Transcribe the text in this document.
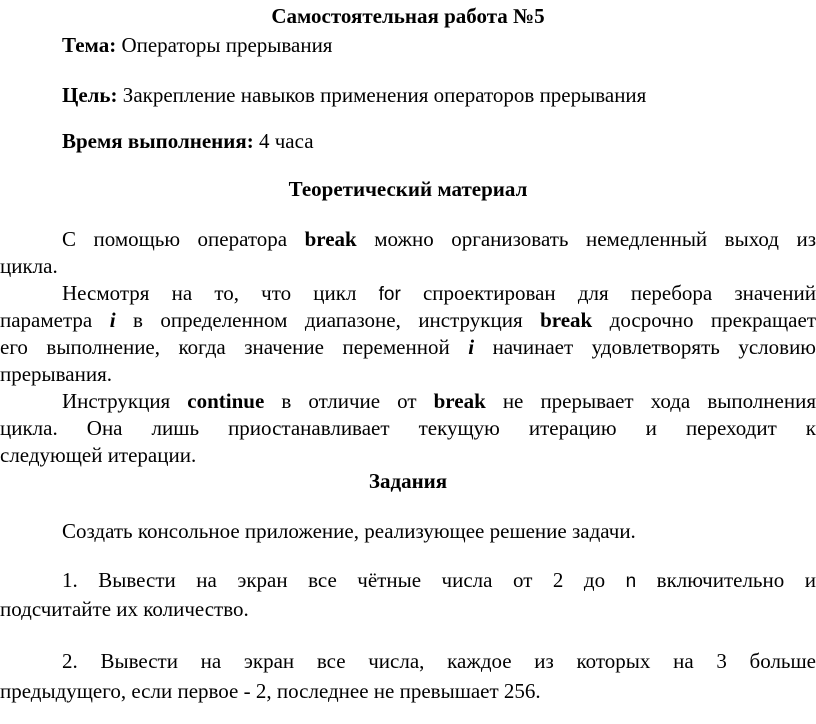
Самостоятельная работа №5
Тема: Операторы прерывания
Цель: Закрепление навыков применения операторов прерывания
Время выполнения: 4 часа
Теоретический материал
С помощью оператора break можно организовать немедленный выход из
цикла.
Несмотря на то, что цикл for спроектирован для перебора значений
параметра i в определенном диапазоне, инструкция break досрочно прекращает
его выполнение, когда значение переменной i начинает удовлетворять условию
прерывания.
Инструкция continue в отличие от break не прерывает хода выполнения
цикла. Она лишь приостанавливает текущую итерацию и переходит к
следующей итерации.
Задания
Создать консольное приложение, реализующее решение задачи.
1. Вывести на экран все чётные числа от 2 до n включительно и
подсчитайте их количество.
2. Вывести на экран все числа, каждое из которых на 3 больше
предыдущего, если первое - 2, последнее не превышает 256.
